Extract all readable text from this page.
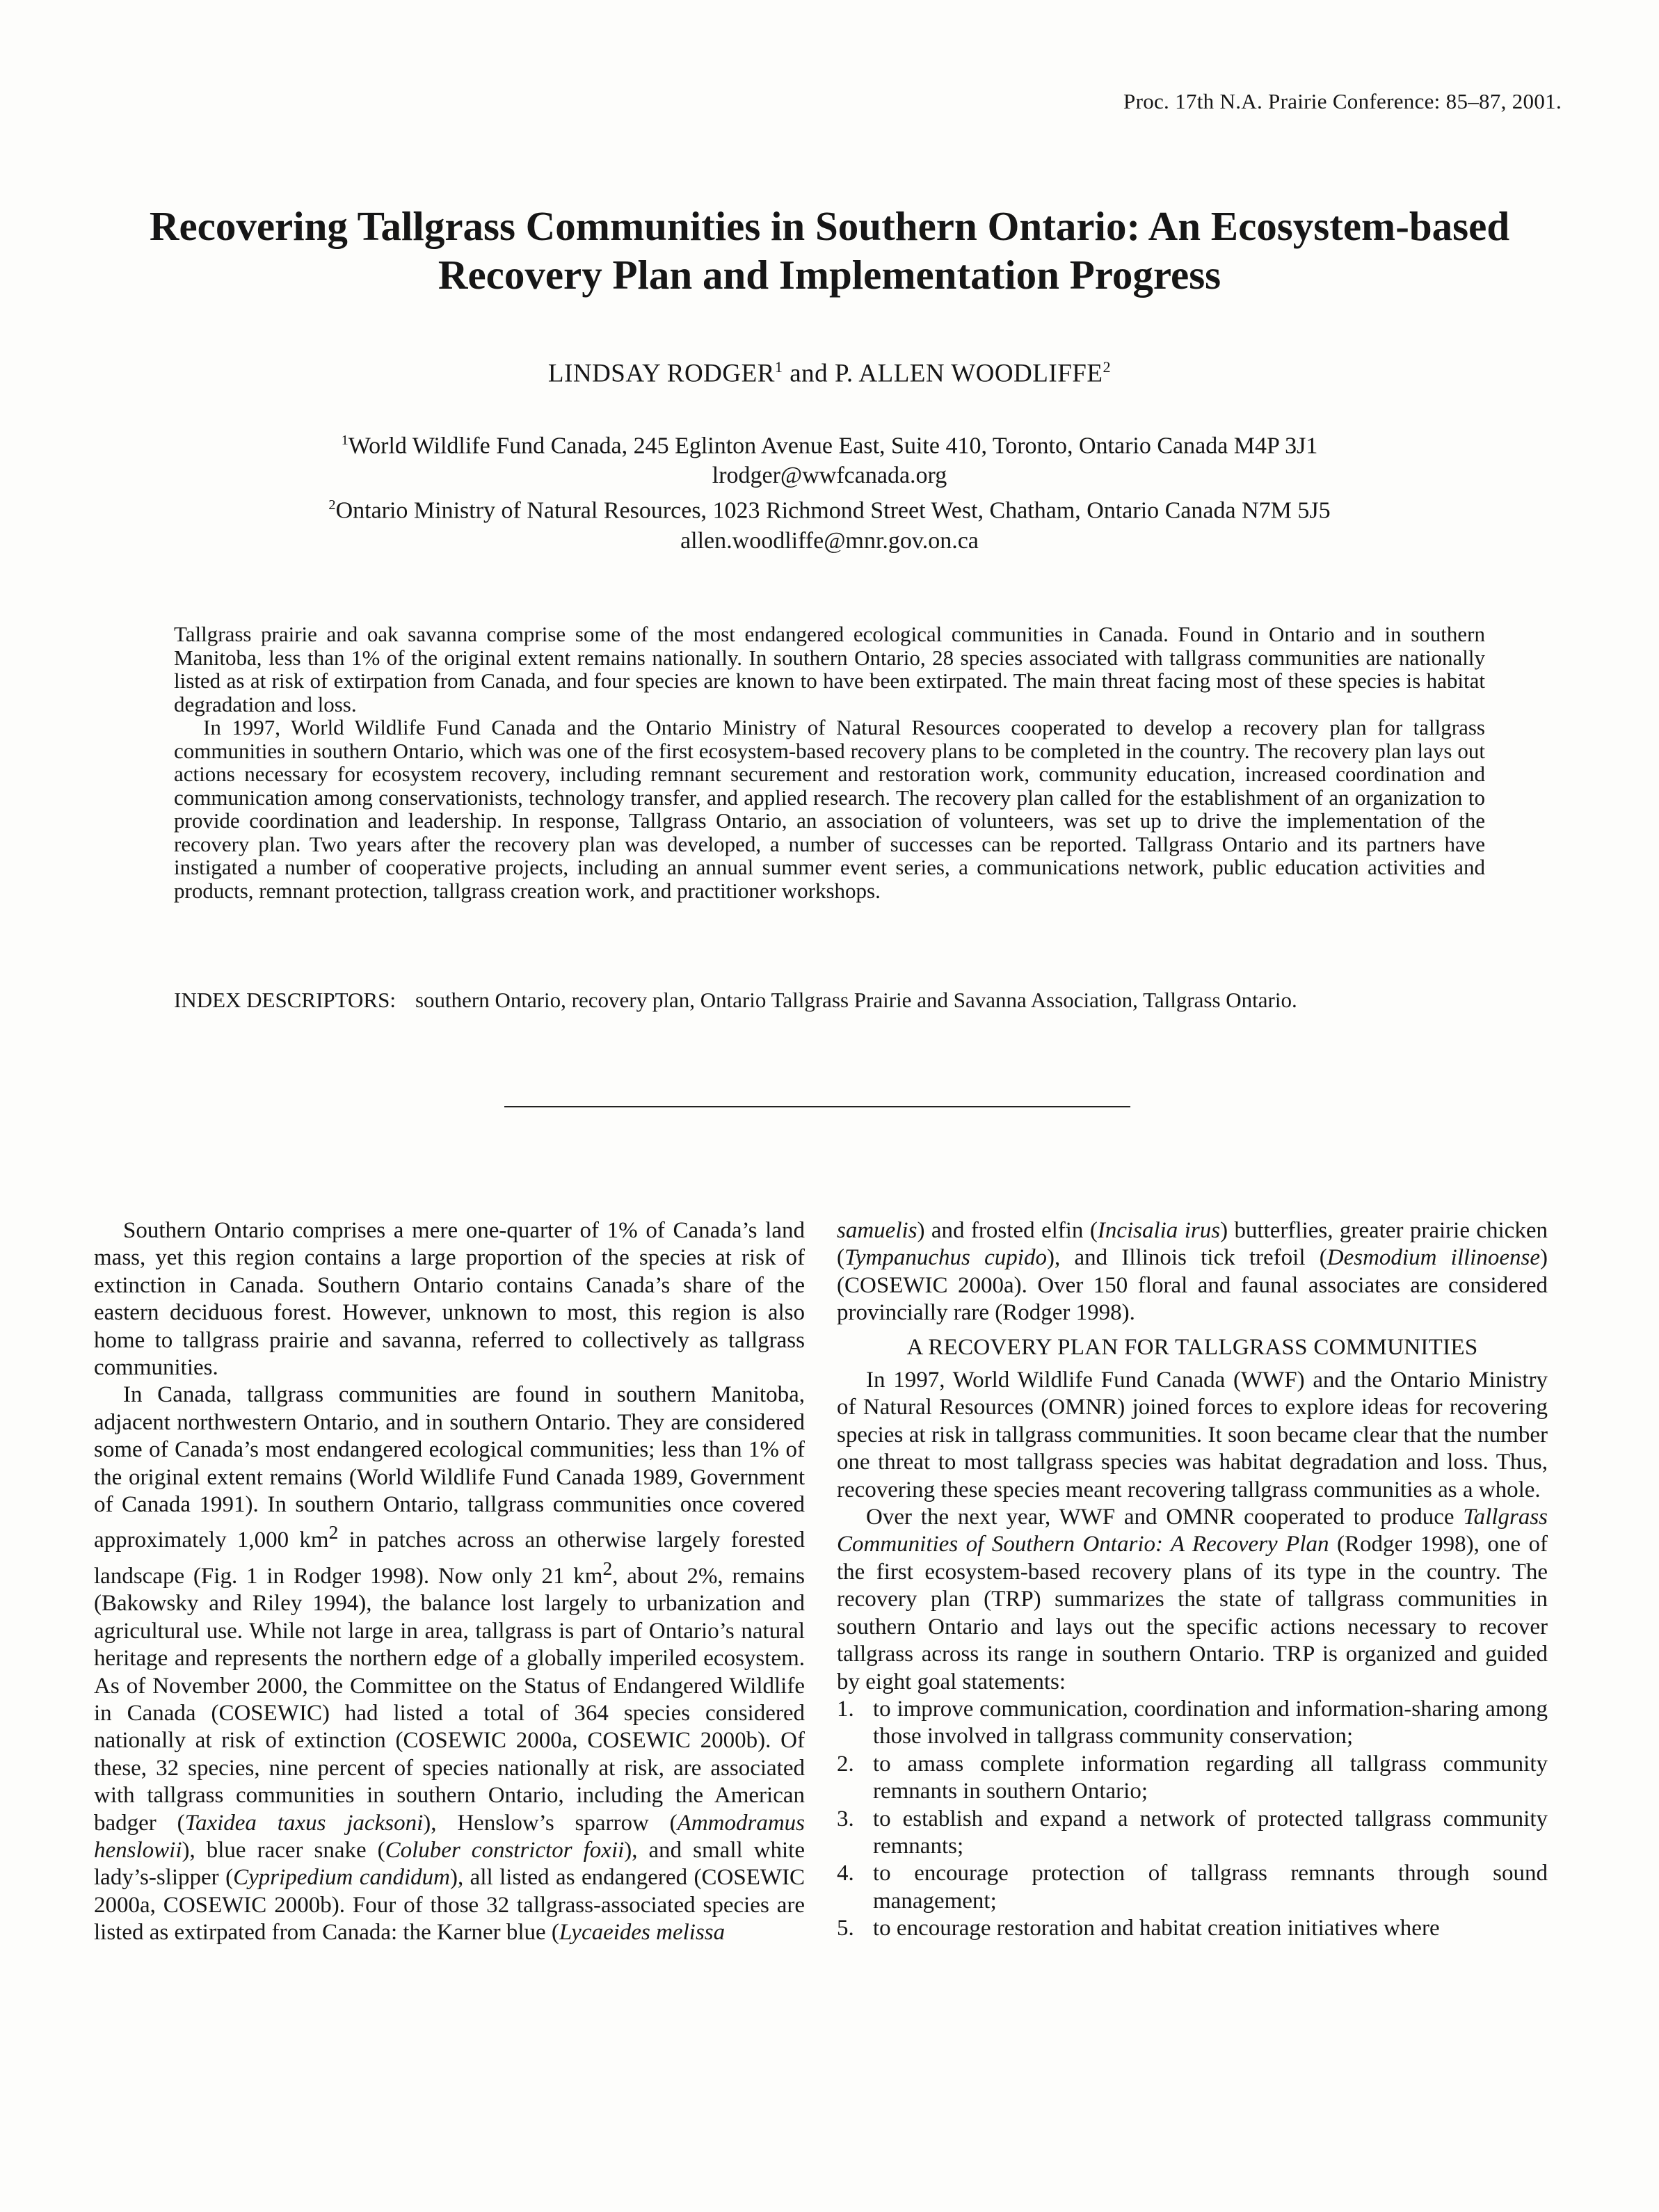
Proc. 17th N.A. Prairie Conference: 85–87, 2001.
Recovering Tallgrass Communities in Southern Ontario: An Ecosystem-based
Recovery Plan and Implementation Progress
LINDSAY RODGER$^1$ and P. ALLEN WOODLIFFE$^2$
$^1$World Wildlife Fund Canada, 245 Eglinton Avenue East, Suite 410, Toronto, Ontario Canada M4P 3J1
lrodger@wwfcanada.org
$^2$Ontario Ministry of Natural Resources, 1023 Richmond Street West, Chatham, Ontario Canada N7M 5J5
allen.woodliffe@mnr.gov.on.ca

Tallgrass prairie and oak savanna comprise some of the most endangered ecological communities in Canada. Found in Ontario and in southern Manitoba, less than 1% of the original extent remains nationally. In southern Ontario, 28 species associated with tallgrass communities are nationally listed as at risk of extirpation from Canada, and four species are known to have been extirpated. The main threat facing most of these species is habitat degradation and loss.

In 1997, World Wildlife Fund Canada and the Ontario Ministry of Natural Resources cooperated to develop a recovery plan for tallgrass communities in southern Ontario, which was one of the first ecosystem-based recovery plans to be completed in the country. The recovery plan lays out actions necessary for ecosystem recovery, including remnant securement and restoration work, community education, increased coordination and communication among conservationists, technology transfer, and applied research. The recovery plan called for the establishment of an organization to provide coordination and leadership. In response, Tallgrass Ontario, an association of volunteers, was set up to drive the implementation of the recovery plan. Two years after the recovery plan was developed, a number of successes can be reported. Tallgrass Ontario and its partners have instigated a number of cooperative projects, including an annual summer event series, a communications network, public education activities and products, remnant protection, tallgrass creation work, and practitioner workshops.

INDEX DESCRIPTORS: southern Ontario, recovery plan, Ontario Tallgrass Prairie and Savanna Association, Tallgrass Ontario.

Southern Ontario comprises a mere one-quarter of 1% of Canada’s land mass, yet this region contains a large proportion of the species at risk of extinction in Canada. Southern Ontario contains Canada’s share of the eastern deciduous forest. However, unknown to most, this region is also home to tallgrass prairie and savanna, referred to collectively as tallgrass communities.

In Canada, tallgrass communities are found in southern Manitoba, adjacent northwestern Ontario, and in southern Ontario. They are considered some of Canada’s most endangered ecological communities; less than 1% of the original extent remains (World Wildlife Fund Canada 1989, Government of Canada 1991). In southern Ontario, tallgrass communities once covered approximately 1,000 $km^2$ in patches across an otherwise largely forested landscape (Fig. 1 in Rodger 1998). Now only 21 $km^2$, about 2%, remains (Bakowsky and Riley 1994), the balance lost largely to urbanization and agricultural use. While not large in area, tallgrass is part of Ontario’s natural heritage and represents the northern edge of a globally imperiled ecosystem. As of November 2000, the Committee on the Status of Endangered Wildlife in Canada (COSEWIC) had listed a total of 364 species considered nationally at risk of extinction (COSEWIC 2000a, COSEWIC 2000b). Of these, 32 species, nine percent of species nationally at risk, are associated with tallgrass communities in southern Ontario, including the American badger (Taxidea taxus jacksoni), Henslow’s sparrow (Ammodramus henslowii), blue racer snake (Coluber constrictor foxii), and small white lady’s-slipper (Cypripedium candidum), all listed as endangered (COSEWIC 2000a, COSEWIC 2000b). Four of those 32 tallgrass-associated species are listed as extirpated from Canada: the Karner blue (Lycaeides melissa

samuelis) and frosted elfin (Incisalia irus) butterflies, greater prairie chicken (Tympanuchus cupido), and Illinois tick trefoil (Desmodium illinoense) (COSEWIC 2000a). Over 150 floral and faunal associates are considered provincially rare (Rodger 1998).

A RECOVERY PLAN FOR TALLGRASS COMMUNITIES

In 1997, World Wildlife Fund Canada (WWF) and the Ontario Ministry of Natural Resources (OMNR) joined forces to explore ideas for recovering species at risk in tallgrass communities. It soon became clear that the number one threat to most tallgrass species was habitat degradation and loss. Thus, recovering these species meant recovering tallgrass communities as a whole.

Over the next year, WWF and OMNR cooperated to produce Tallgrass Communities of Southern Ontario: A Recovery Plan (Rodger 1998), one of the first ecosystem-based recovery plans of its type in the country. The recovery plan (TRP) summarizes the state of tallgrass communities in southern Ontario and lays out the specific actions necessary to recover tallgrass across its range in southern Ontario. TRP is organized and guided by eight goal statements:

1. to improve communication, coordination and information-sharing among those involved in tallgrass community conservation;
2. to amass complete information regarding all tallgrass community remnants in southern Ontario;
3. to establish and expand a network of protected tallgrass community remnants;
4. to encourage protection of tallgrass remnants through sound management;
5. to encourage restoration and habitat creation initiatives where
